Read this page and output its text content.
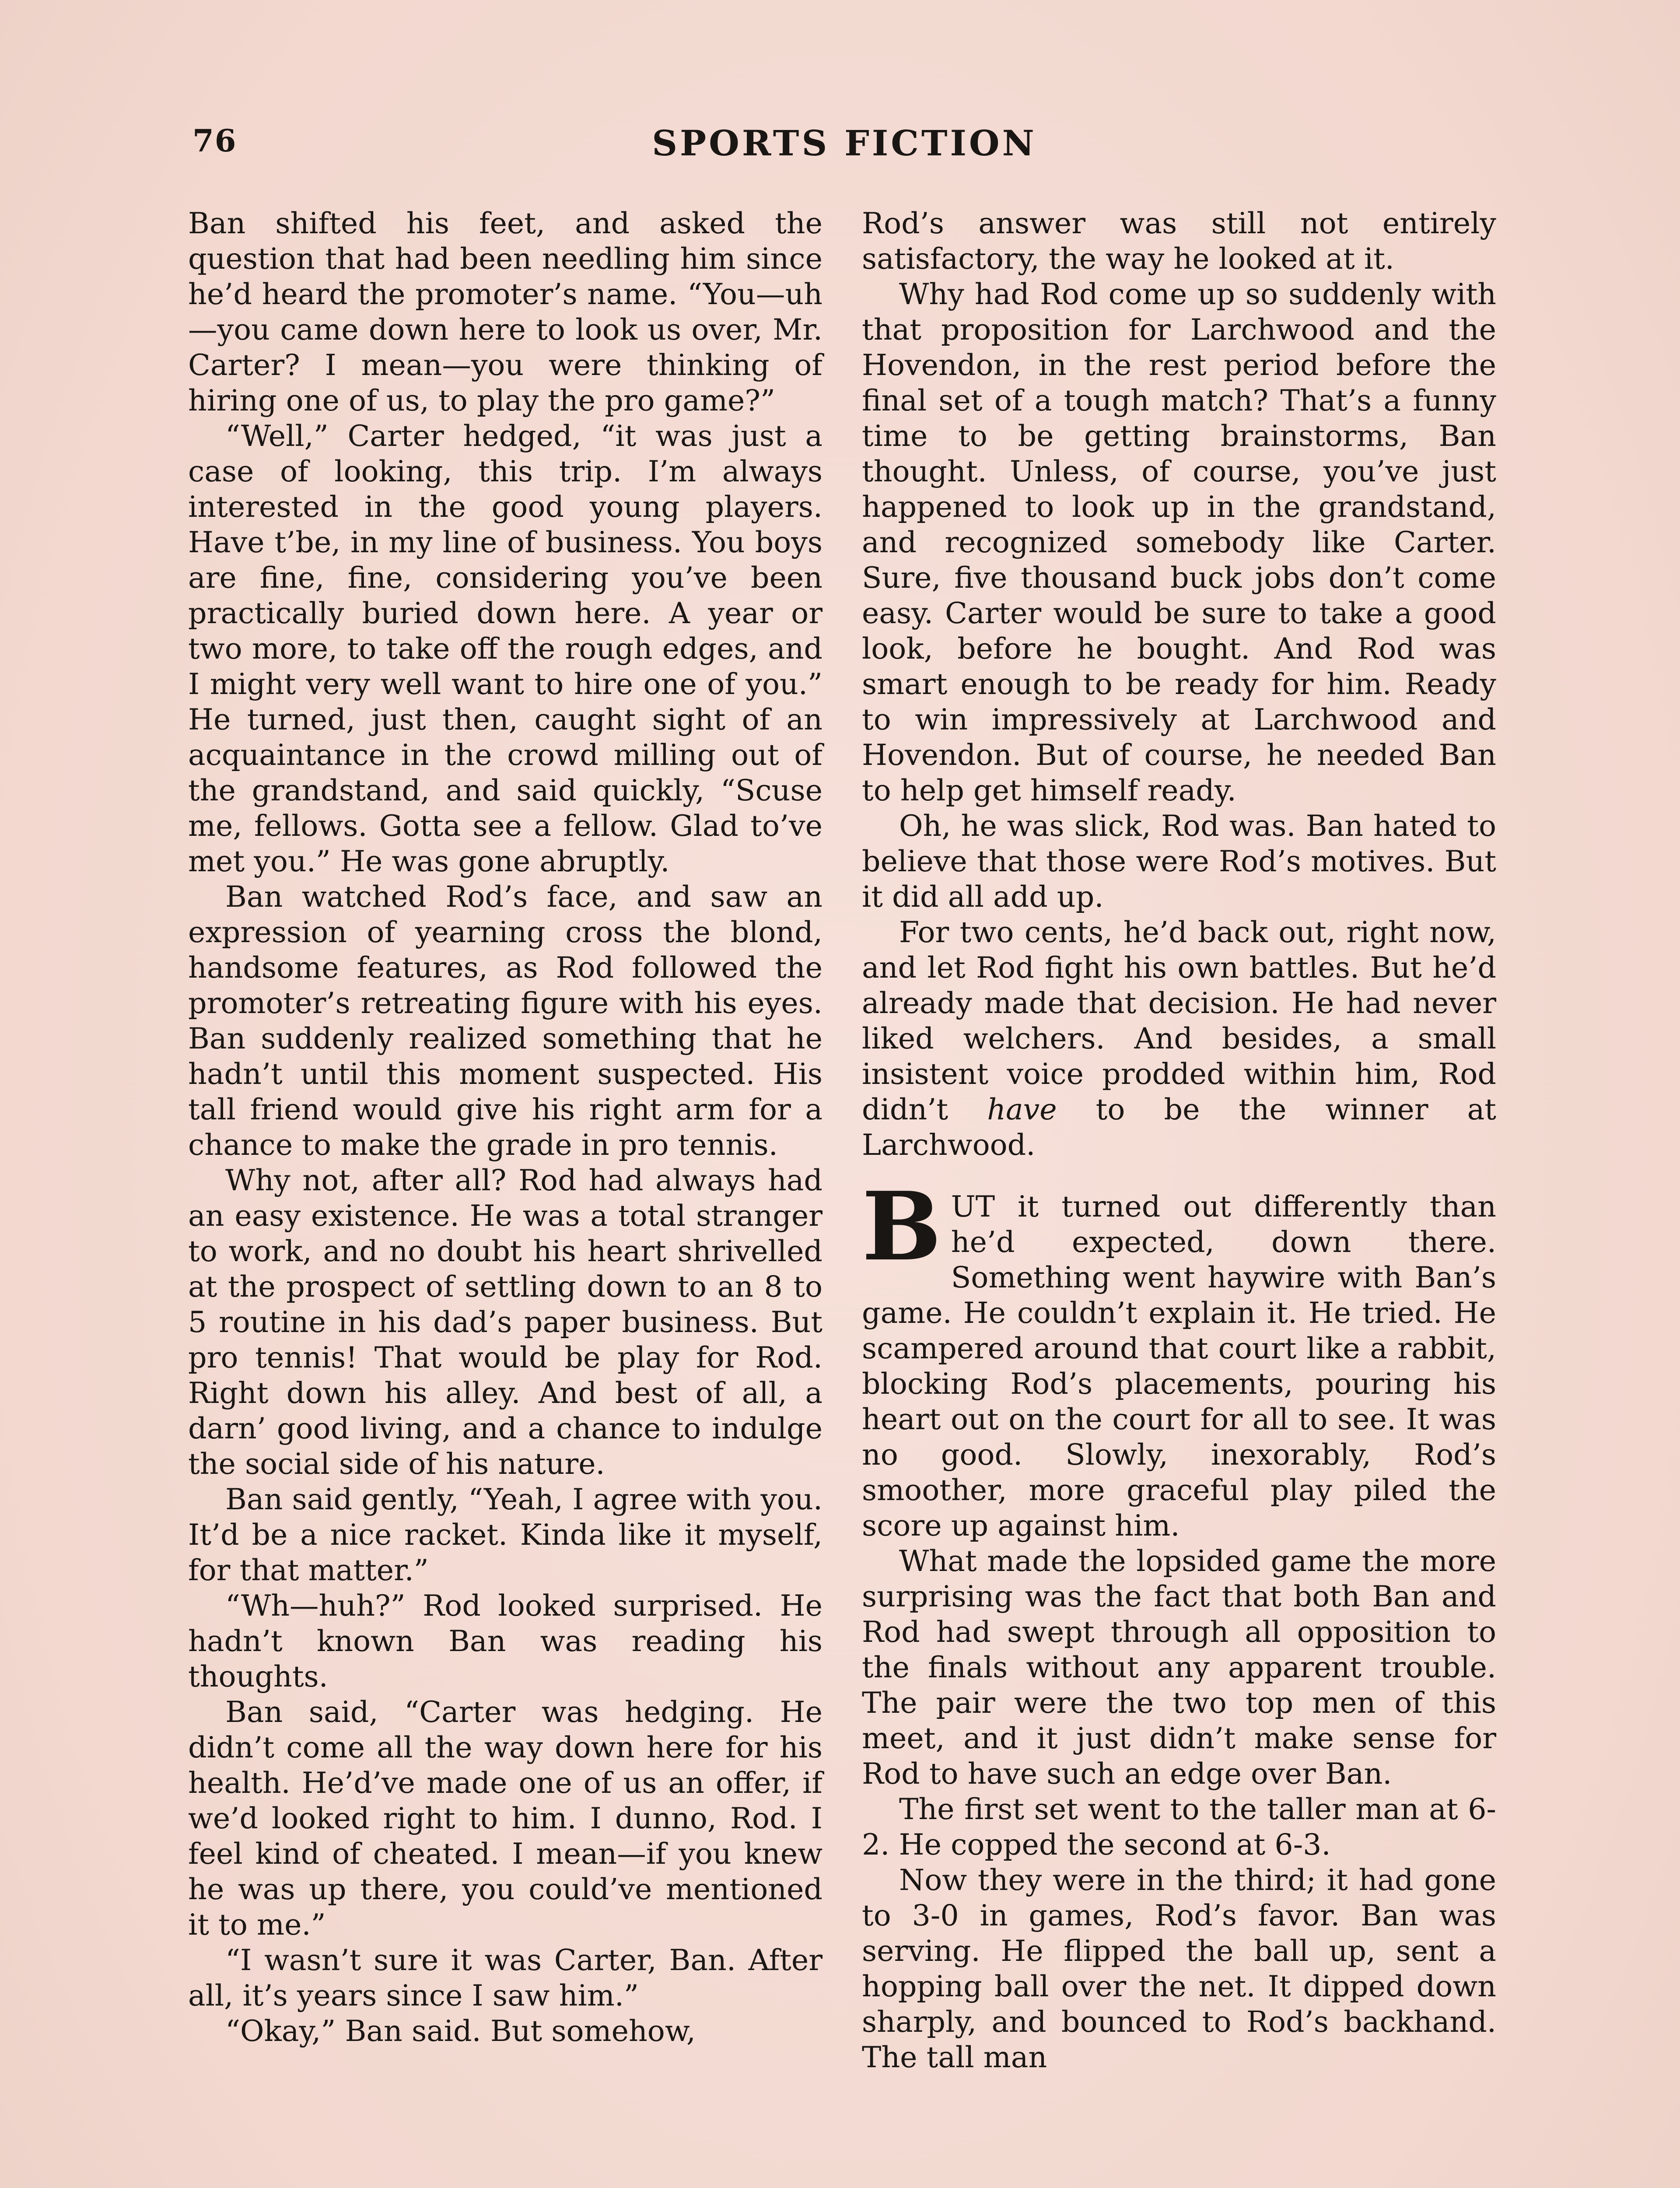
76	SPORTS FICTION

Ban shifted his feet, and asked the question that had been needling him since he’d heard the promoter’s name. “You—uh—you came down here to look us over, Mr. Carter? I mean—you were thinking of hiring one of us, to play the pro game?”

“Well,” Carter hedged, “it was just a case of looking, this trip. I’m always interested in the good young players. Have t’be, in my line of business. You boys are fine, fine, considering you’ve been practically buried down here. A year or two more, to take off the rough edges, and I might very well want to hire one of you.” He turned, just then, caught sight of an acquaintance in the crowd milling out of the grandstand, and said quickly, “Scuse me, fellows. Gotta see a fellow. Glad to’ve met you.” He was gone abruptly.

Ban watched Rod’s face, and saw an expression of yearning cross the blond, handsome features, as Rod followed the promoter’s retreating figure with his eyes. Ban suddenly realized something that he hadn’t until this moment suspected. His tall friend would give his right arm for a chance to make the grade in pro tennis.

Why not, after all? Rod had always had an easy existence. He was a total stranger to work, and no doubt his heart shrivelled at the prospect of settling down to an 8 to 5 routine in his dad’s paper business. But pro tennis! That would be play for Rod. Right down his alley. And best of all, a darn’ good living, and a chance to indulge the social side of his nature.

Ban said gently, “Yeah, I agree with you. It’d be a nice racket. Kinda like it myself, for that matter.”

“Wh—huh?” Rod looked surprised. He hadn’t known Ban was reading his thoughts.

Ban said, “Carter was hedging. He didn’t come all the way down here for his health. He’d’ve made one of us an offer, if we’d looked right to him. I dunno, Rod. I feel kind of cheated. I mean—if you knew he was up there, you could’ve mentioned it to me.”

“I wasn’t sure it was Carter, Ban. After all, it’s years since I saw him.”

“Okay,” Ban said. But somehow,

Rod’s answer was still not entirely satisfactory, the way he looked at it.

Why had Rod come up so suddenly with that proposition for Larchwood and the Hovendon, in the rest period before the final set of a tough match? That’s a funny time to be getting brainstorms, Ban thought. Unless, of course, you’ve just happened to look up in the grandstand, and recognized somebody like Carter. Sure, five thousand buck jobs don’t come easy. Carter would be sure to take a good look, before he bought. And Rod was smart enough to be ready for him. Ready to win impressively at Larchwood and Hovendon. But of course, he needed Ban to help get himself ready.

Oh, he was slick, Rod was. Ban hated to believe that those were Rod’s motives. But it did all add up.

For two cents, he’d back out, right now, and let Rod fight his own battles. But he’d already made that decision. He had never liked welchers. And besides, a small insistent voice prodded within him, Rod didn’t have to be the winner at Larchwood.

BUT it turned out differently than he’d expected, down there. Something went haywire with Ban’s game. He couldn’t explain it. He tried. He scampered around that court like a rabbit, blocking Rod’s placements, pouring his heart out on the court for all to see. It was no good. Slowly, inexorably, Rod’s smoother, more graceful play piled the score up against him.

What made the lopsided game the more surprising was the fact that both Ban and Rod had swept through all opposition to the finals without any apparent trouble. The pair were the two top men of this meet, and it just didn’t make sense for Rod to have such an edge over Ban.

The first set went to the taller man at 6-2. He copped the second at 6-3.

Now they were in the third; it had gone to 3-0 in games, Rod’s favor. Ban was serving. He flipped the ball up, sent a hopping ball over the net. It dipped down sharply, and bounced to Rod’s backhand. The tall man
